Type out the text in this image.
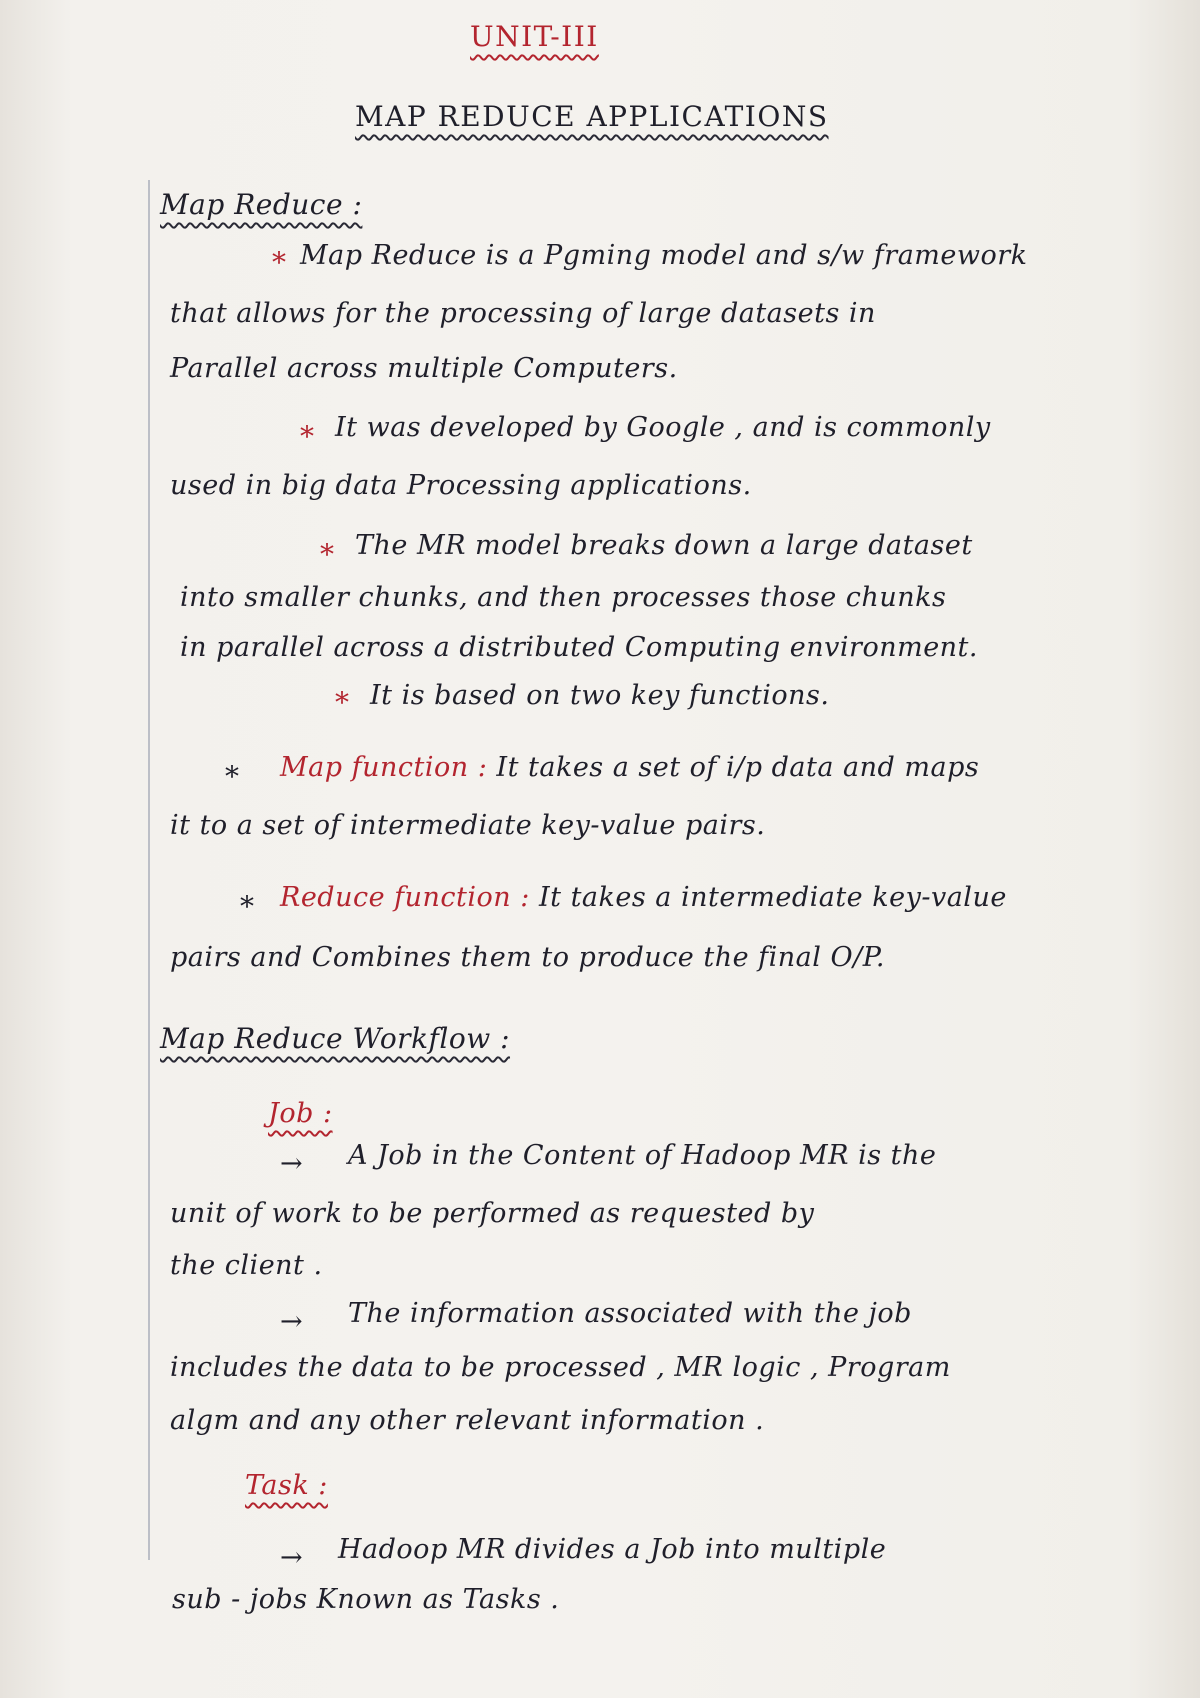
UNIT-III
MAP REDUCE APPLICATIONS
Map Reduce :
* Map Reduce is a Pgming model and s/w framework
that allows for the processing of large datasets in
Parallel across multiple Computers.
* It was developed by Google , and is commonly
used in big data Processing applications.
* The MR model breaks down a large dataset
into smaller chunks, and then processes those chunks
in parallel across a distributed Computing environment.
* It is based on two key functions.
* Map function : It takes a set of i/p data and maps
it to a set of intermediate key-value pairs.
* Reduce function : It takes a intermediate key-value
pairs and Combines them to produce the final O/P.
Map Reduce Workflow :
Job :
→ A Job in the Content of Hadoop MR is the
unit of work to be performed as requested by
the client .
→ The information associated with the job
includes the data to be processed , MR logic , Program
algm and any other relevant information .
Task :
→ Hadoop MR divides a Job into multiple
sub - jobs Known as Tasks .
